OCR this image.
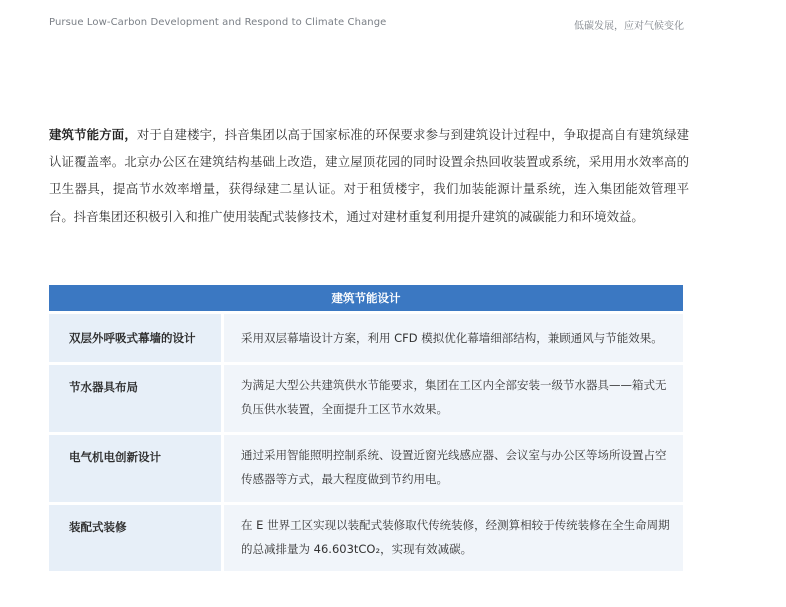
Pursue Low-Carbon Development and Respond to Climate Change	低碳发展，应对气候变化
建筑节能方面，对于自建楼宇，抖音集团以高于国家标准的环保要求参与到建筑设计过程中，争取提高自有建筑绿建认证覆盖率。北京办公区在建筑结构基础上改造，建立屋顶花园的同时设置余热回收装置或系统，采用用水效率高的卫生器具，提高节水效率增量，获得绿建二星认证。对于租赁楼宇，我们加装能源计量系统，连入集团能效管理平台。抖音集团还积极引入和推广使用装配式装修技术，通过对建材重复利用提升建筑的减碳能力和环境效益。
建筑节能设计
双层外呼吸式幕墙的设计	采用双层幕墙设计方案，利用 CFD 模拟优化幕墙细部结构，兼顾通风与节能效果。
节水器具布局	为满足大型公共建筑供水节能要求，集团在工区内全部安装一级节水器具——箱式无负压供水装置，全面提升工区节水效果。
电气机电创新设计	通过采用智能照明控制系统、设置近窗光线感应器、会议室与办公区等场所设置占空传感器等方式，最大程度做到节约用电。
装配式装修	在 E 世界工区实现以装配式装修取代传统装修，经测算相较于传统装修在全生命周期的总减排量为 46.603tCO₂，实现有效减碳。
